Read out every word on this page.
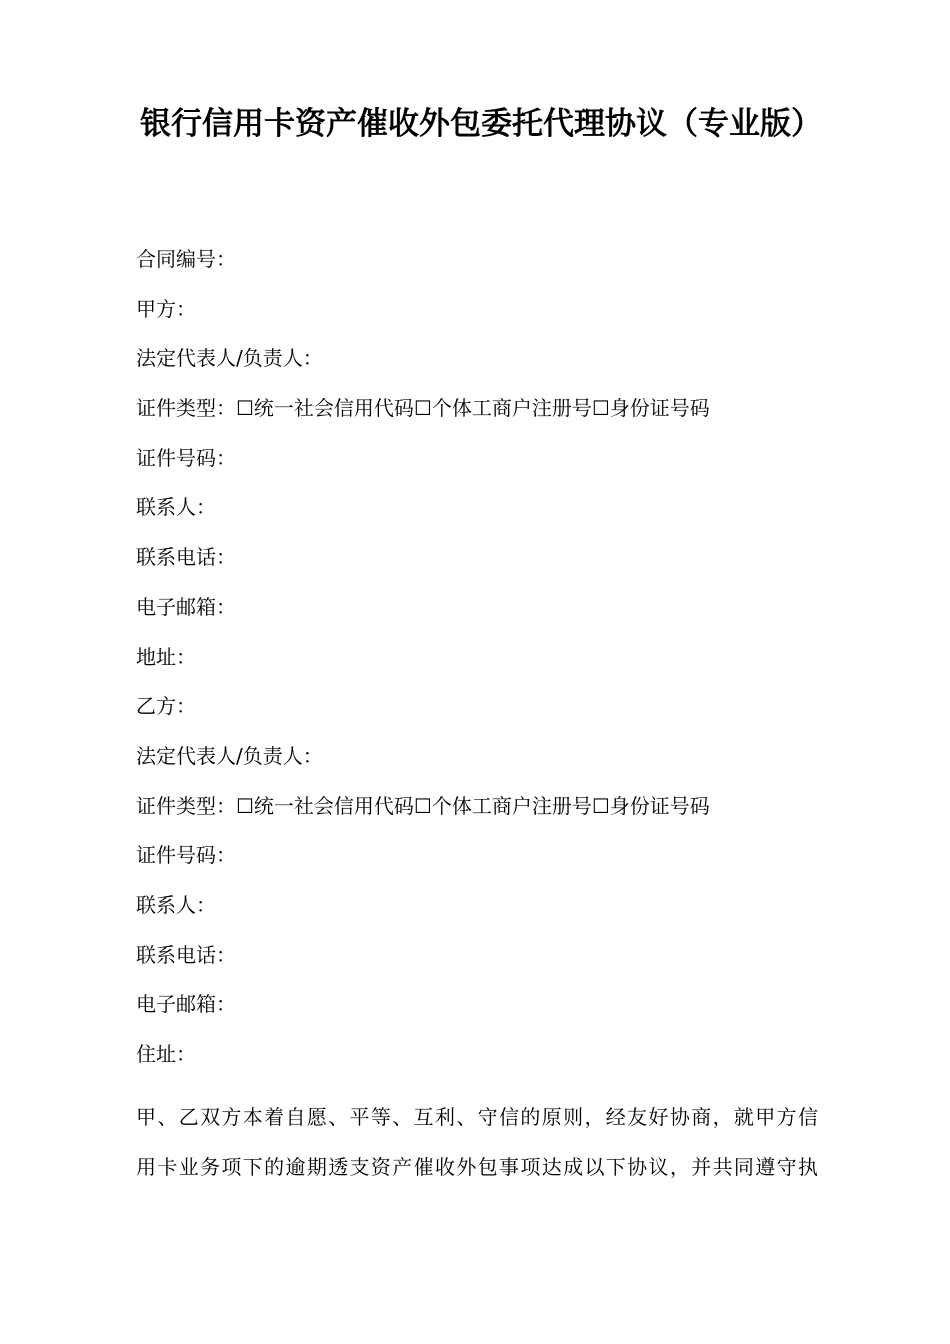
银行信用卡资产催收外包委托代理协议（专业版）
合同编号：
甲方：
法定代表人/负责人：
证件类型：☐统一社会信用代码☐个体工商户注册号☐身份证号码
证件号码：
联系人：
联系电话：
电子邮箱：
地址：
乙方：
法定代表人/负责人：
证件类型：☐统一社会信用代码☐个体工商户注册号☐身份证号码
证件号码：
联系人：
联系电话：
电子邮箱：
住址：
甲、乙双方本着自愿、平等、互利、守信的原则，经友好协商，就甲方信
用卡业务项下的逾期透支资产催收外包事项达成以下协议，并共同遵守执
